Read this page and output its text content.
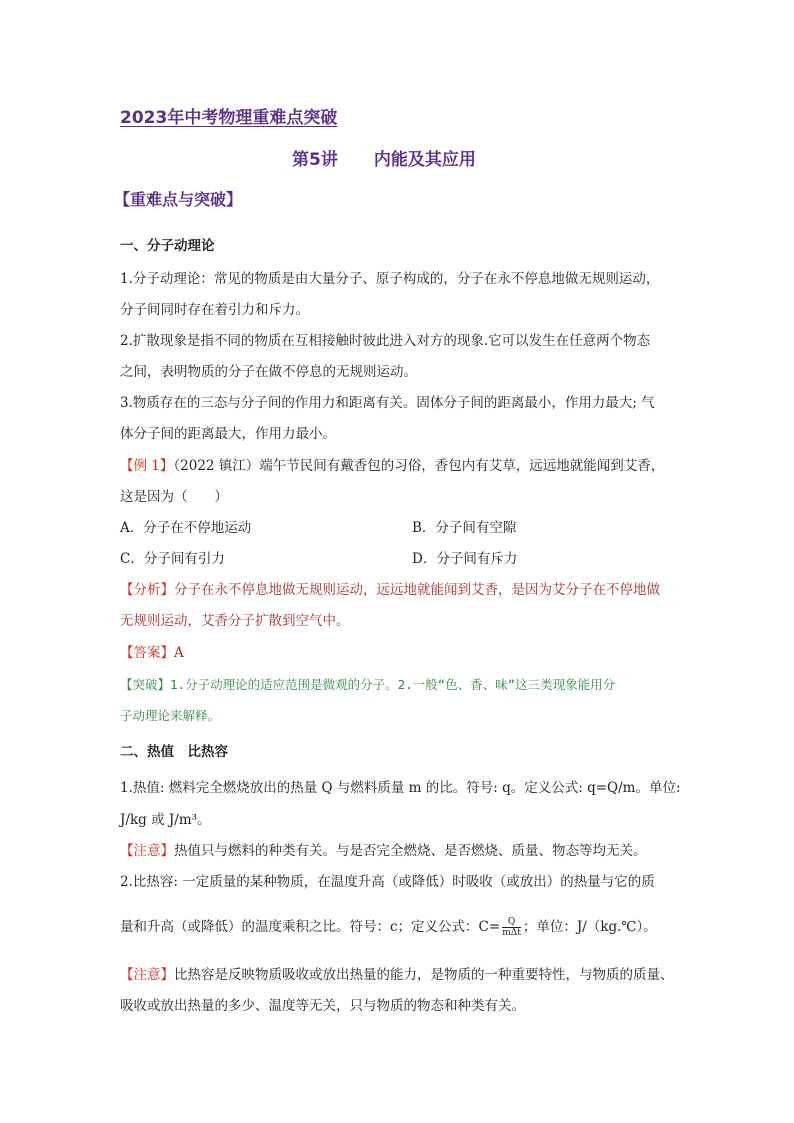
2023年中考物理重难点突破
第5讲 内能及其应用
【重难点与突破】
一、分子动理论
1.分子动理论：常见的物质是由大量分子、原子构成的，分子在永不停息地做无规则运动，
分子间同时存在着引力和斥力。
2.扩散现象是指不同的物质在互相接触时彼此进入对方的现象.它可以发生在任意两个物态
之间，表明物质的分子在做不停息的无规则运动。
3.物质存在的三态与分子间的作用力和距离有关。固体分子间的距离最小，作用力最大; 气
体分子间的距离最大，作用力最小。
【例 1】（2022 镇江）端午节民间有戴香包的习俗，香包内有艾草，远远地就能闻到艾香，
这是因为（　　）
A．分子在不停地运动	B．分子间有空隙
C．分子间有引力	D．分子间有斥力
【分析】分子在永不停息地做无规则运动，远远地就能闻到艾香，是因为艾分子在不停地做
无规则运动，艾香分子扩散到空气中。
【答案】A
【突破】1.分子动理论的适应范围是微观的分子。2.一般“色、香、味”这三类现象能用分
子动理论来解释。
二、热值　比热容
1.热值: 燃料完全燃烧放出的热量 Q 与燃料质量 m 的比。符号: q。定义公式: q=Q/m。单位:
J/kg 或 J/m³。
【注意】热值只与燃料的种类有关。与是否完全燃烧、是否燃烧、质量、物态等均无关。
2.比热容: 一定质量的某种物质，在温度升高（或降低）时吸收（或放出）的热量与它的质
量和升高（或降低）的温度乘积之比。符号：c；定义公式：$C= \frac{Q}{\text{mΔt}}$ ；单位：J/（kg.℃）。
【注意】比热容是反映物质吸收或放出热量的能力，是物质的一种重要特性，与物质的质量、
吸收或放出热量的多少、温度等无关，只与物质的物态和种类有关。
